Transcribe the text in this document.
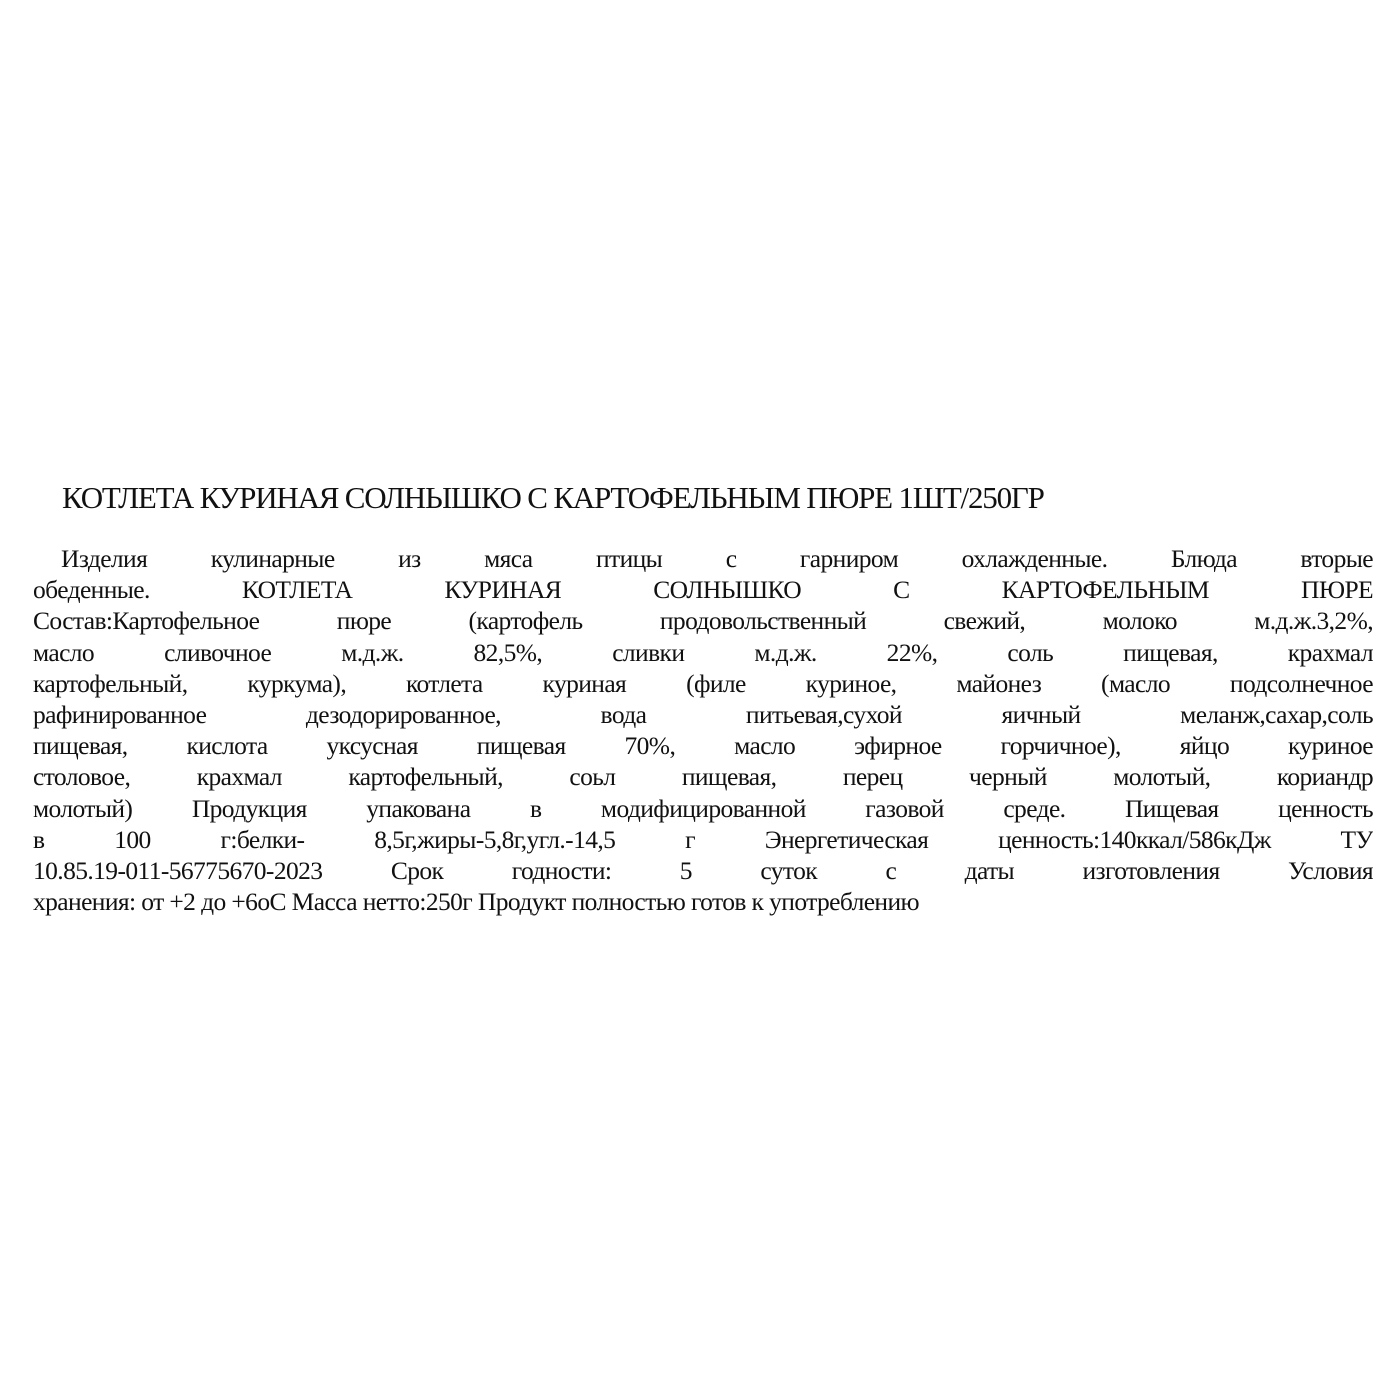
КОТЛЕТА КУРИНАЯ СОЛНЫШКО С КАРТОФЕЛЬНЫМ ПЮРЕ 1ШТ/250ГР
Изделия кулинарные из мяса птицы с гарниром охлажденные. Блюда вторые
обеденные. КОТЛЕТА КУРИНАЯ СОЛНЫШКО С КАРТОФЕЛЬНЫМ ПЮРЕ
Состав:Картофельное пюре (картофель продовольственный свежий, молоко м.д.ж.3,2%,
масло сливочное м.д.ж. 82,5%, сливки м.д.ж. 22%, соль пищевая, крахмал
картофельный, куркума), котлета куриная (филе куриное, майонез (масло подсолнечное
рафинированное дезодорированное, вода питьевая,сухой яичный меланж,сахар,соль
пищевая, кислота уксусная пищевая 70%, масло эфирное горчичное), яйцо куриное
столовое, крахмал картофельный, соьл пищевая, перец черный молотый, кориандр
молотый) Продукция упакована в модифицированной газовой среде. Пищевая ценность
в 100 г:белки- 8,5г,жиры-5,8г,угл.-14,5 г Энергетическая ценность:140ккал/586кДж ТУ
10.85.19-011-56775670-2023 Срок годности: 5 суток с даты изготовления Условия
хранения: от +2 до +6оС Масса нетто:250г Продукт полностью готов к употреблению
